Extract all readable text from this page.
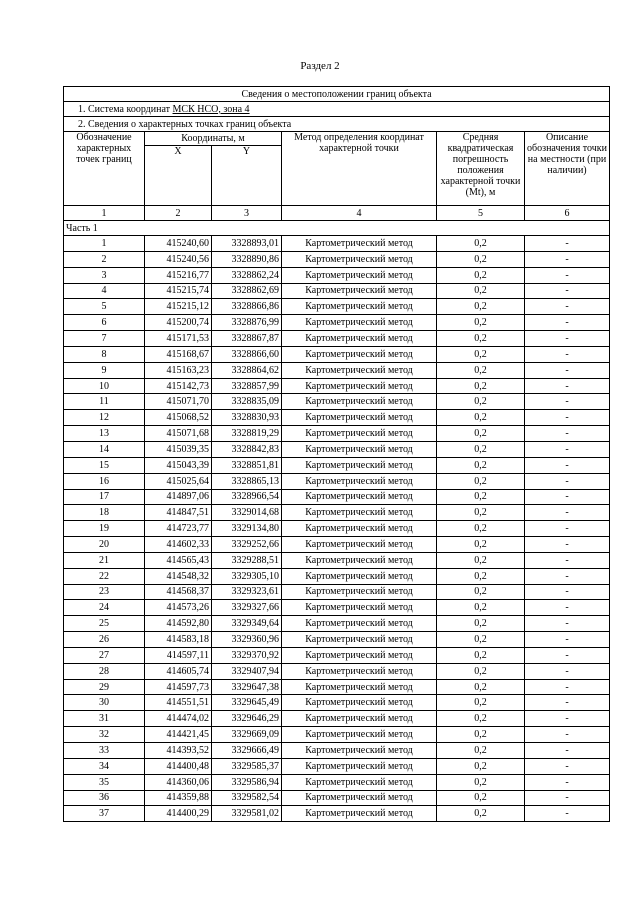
Раздел 2
Сведения о местоположении границ объекта					
1. Система координат МСК НСО, зона 4					
2. Сведения о характерных точках границ объекта					
Обозначение характерных точек границ	Координаты, м		Метод определения координат характерной точки	Средняя квадратическая погрешность положения характерной точки (Mt), м	Описание обозначения точки на местности (при наличии)
	X	Y			
1	2	3	4	5	6
Часть 1					
1	415240,60	3328893,01	Картометрический метод	0,2	-
2	415240,56	3328890,86	Картометрический метод	0,2	-
3	415216,77	3328862,24	Картометрический метод	0,2	-
4	415215,74	3328862,69	Картометрический метод	0,2	-
5	415215,12	3328866,86	Картометрический метод	0,2	-
6	415200,74	3328876,99	Картометрический метод	0,2	-
7	415171,53	3328867,87	Картометрический метод	0,2	-
8	415168,67	3328866,60	Картометрический метод	0,2	-
9	415163,23	3328864,62	Картометрический метод	0,2	-
10	415142,73	3328857,99	Картометрический метод	0,2	-
11	415071,70	3328835,09	Картометрический метод	0,2	-
12	415068,52	3328830,93	Картометрический метод	0,2	-
13	415071,68	3328819,29	Картометрический метод	0,2	-
14	415039,35	3328842,83	Картометрический метод	0,2	-
15	415043,39	3328851,81	Картометрический метод	0,2	-
16	415025,64	3328865,13	Картометрический метод	0,2	-
17	414897,06	3328966,54	Картометрический метод	0,2	-
18	414847,51	3329014,68	Картометрический метод	0,2	-
19	414723,77	3329134,80	Картометрический метод	0,2	-
20	414602,33	3329252,66	Картометрический метод	0,2	-
21	414565,43	3329288,51	Картометрический метод	0,2	-
22	414548,32	3329305,10	Картометрический метод	0,2	-
23	414568,37	3329323,61	Картометрический метод	0,2	-
24	414573,26	3329327,66	Картометрический метод	0,2	-
25	414592,80	3329349,64	Картометрический метод	0,2	-
26	414583,18	3329360,96	Картометрический метод	0,2	-
27	414597,11	3329370,92	Картометрический метод	0,2	-
28	414605,74	3329407,94	Картометрический метод	0,2	-
29	414597,73	3329647,38	Картометрический метод	0,2	-
30	414551,51	3329645,49	Картометрический метод	0,2	-
31	414474,02	3329646,29	Картометрический метод	0,2	-
32	414421,45	3329669,09	Картометрический метод	0,2	-
33	414393,52	3329666,49	Картометрический метод	0,2	-
34	414400,48	3329585,37	Картометрический метод	0,2	-
35	414360,06	3329586,94	Картометрический метод	0,2	-
36	414359,88	3329582,54	Картометрический метод	0,2	-
37	414400,29	3329581,02	Картометрический метод	0,2	-
